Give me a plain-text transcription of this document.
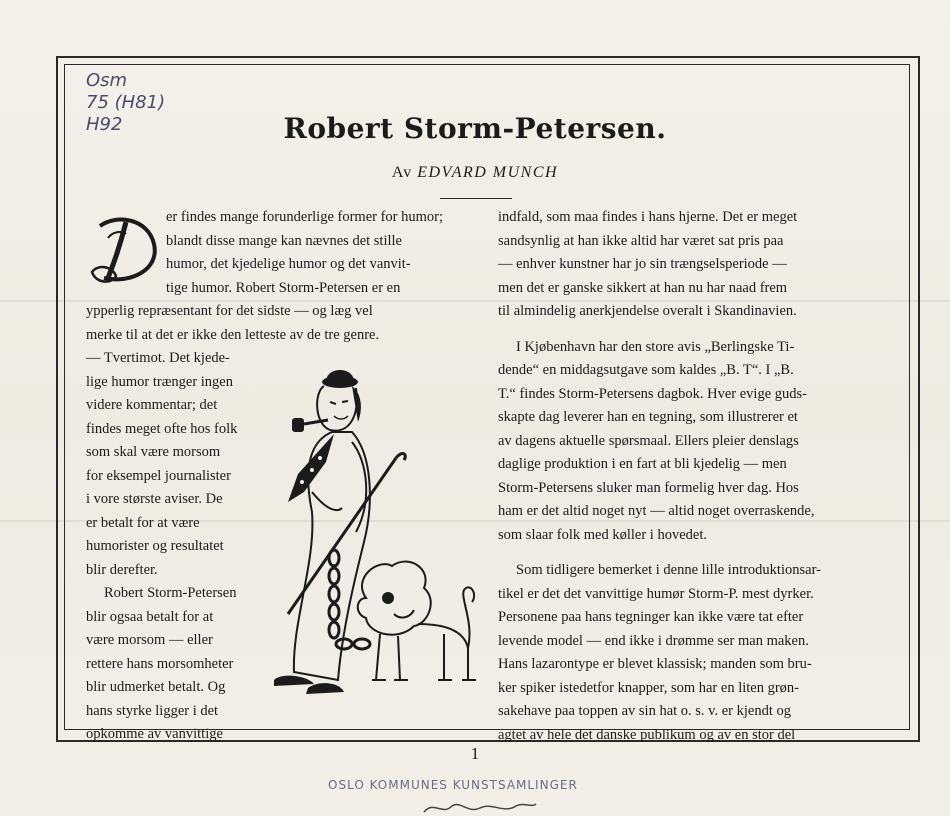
Osm
75 (H81)
H92	Robert Storm-Petersen.
Av EDVARD MUNCH
er findes mange forunderlige former for humor;
blandt disse mange kan nævnes det stille
humor, det kjedelige humor og det vanvit-
tige humor. Robert Storm-Petersen er en
ypperlig repræsentant for det sidste — og læg vel
merke til at det er ikke den letteste av de tre genre.
— Tvertimot. Det kjede-
lige humor trænger ingen
videre kommentar; det
findes meget ofte hos folk
som skal være morsom
for eksempel journalister
i vore største aviser. De
er betalt for at være
humorister og resultatet
blir derefter.
Robert Storm-Petersen
blir ogsaa betalt for at
være morsom — eller
rettere hans morsomheter
blir udmerket betalt. Og
hans styrke ligger i det
opkomme av vanvittige
indfald, som maa findes i hans hjerne. Det er meget
sandsynlig at han ikke altid har været sat pris paa
— enhver kunstner har jo sin trængselsperiode —
men det er ganske sikkert at han nu har naad frem
til almindelig anerkjendelse overalt i Skandinavien.
I Kjøbenhavn har den store avis „Berlingske Ti-
dende“ en middagsutgave som kaldes „B. T“. I „B.
T.“ findes Storm-Petersens dagbok. Hver evige guds-
skapte dag leverer han en tegning, som illustrerer et
av dagens aktuelle spørsmaal. Ellers pleier denslags
daglige produktion i en fart at bli kjedelig — men
Storm-Petersens sluker man formelig hver dag. Hos
ham er det altid noget nyt — altid noget overraskende,
som slaar folk med køller i hovedet.
Som tidligere bemerket i denne lille introduktionsar-
tikel er det det vanvittige humør Storm-P. mest dyrker.
Personene paa hans tegninger kan ikke være tat efter
levende model — end ikke i drømme ser man maken.
Hans lazarontype er blevet klassisk; manden som bru-
ker spiker istedetfor knapper, som har en liten grøn-
sakehave paa toppen av sin hat o. s. v. er kjendt og
agtet av hele det danske publikum og av en stor del
1
OSLO KOMMUNES KUNSTSAMLINGER
